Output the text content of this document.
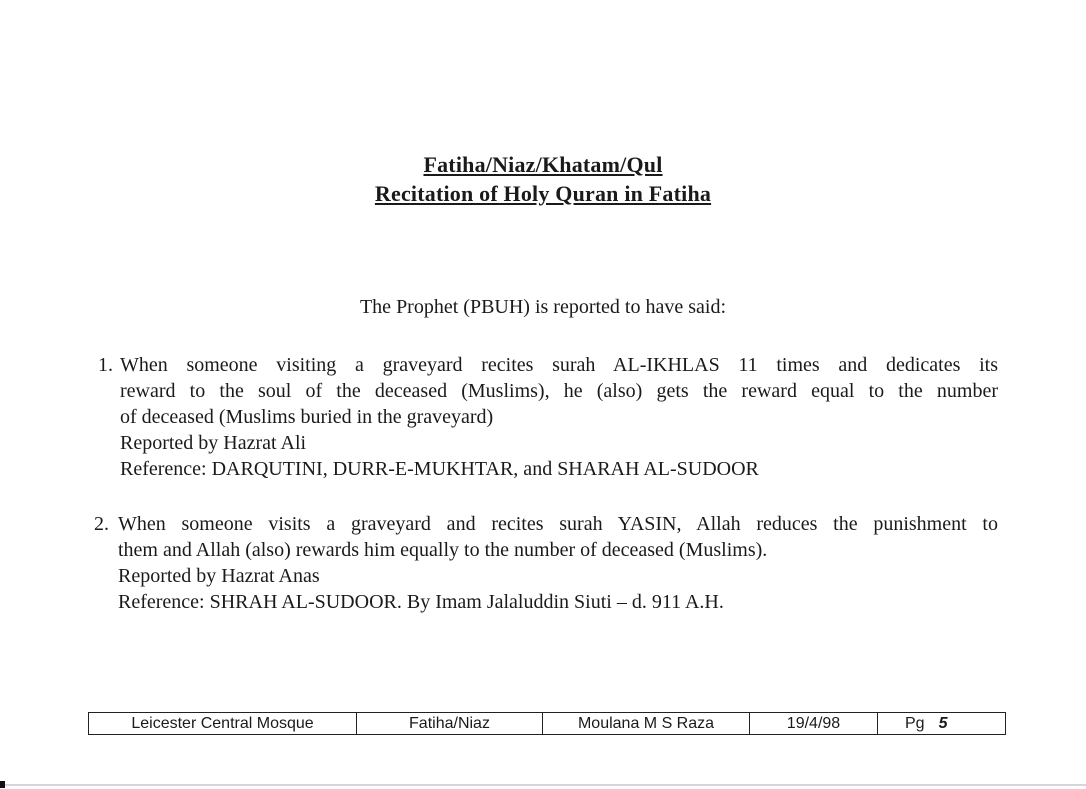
Fatiha/Niaz/Khatam/Qul
Recitation of Holy Quran in Fatiha
The Prophet (PBUH) is reported to have said:
1. When someone visiting a graveyard recites surah AL-IKHLAS 11 times and dedicates its
reward to the soul of the deceased (Muslims), he (also) gets the reward equal to the number
of deceased (Muslims buried in the graveyard)
Reported by Hazrat Ali
Reference: DARQUTINI, DURR-E-MUKHTAR, and SHARAH AL-SUDOOR
2. When someone visits a graveyard and recites surah YASIN, Allah reduces the punishment to
them and Allah (also) rewards him equally to the number of deceased (Muslims).
Reported by Hazrat Anas
Reference: SHRAH AL-SUDOOR. By Imam Jalaluddin Siuti – d. 911 A.H.
Leicester Central Mosque	Fatiha/Niaz	Moulana M S Raza	19/4/98	Pg 5
